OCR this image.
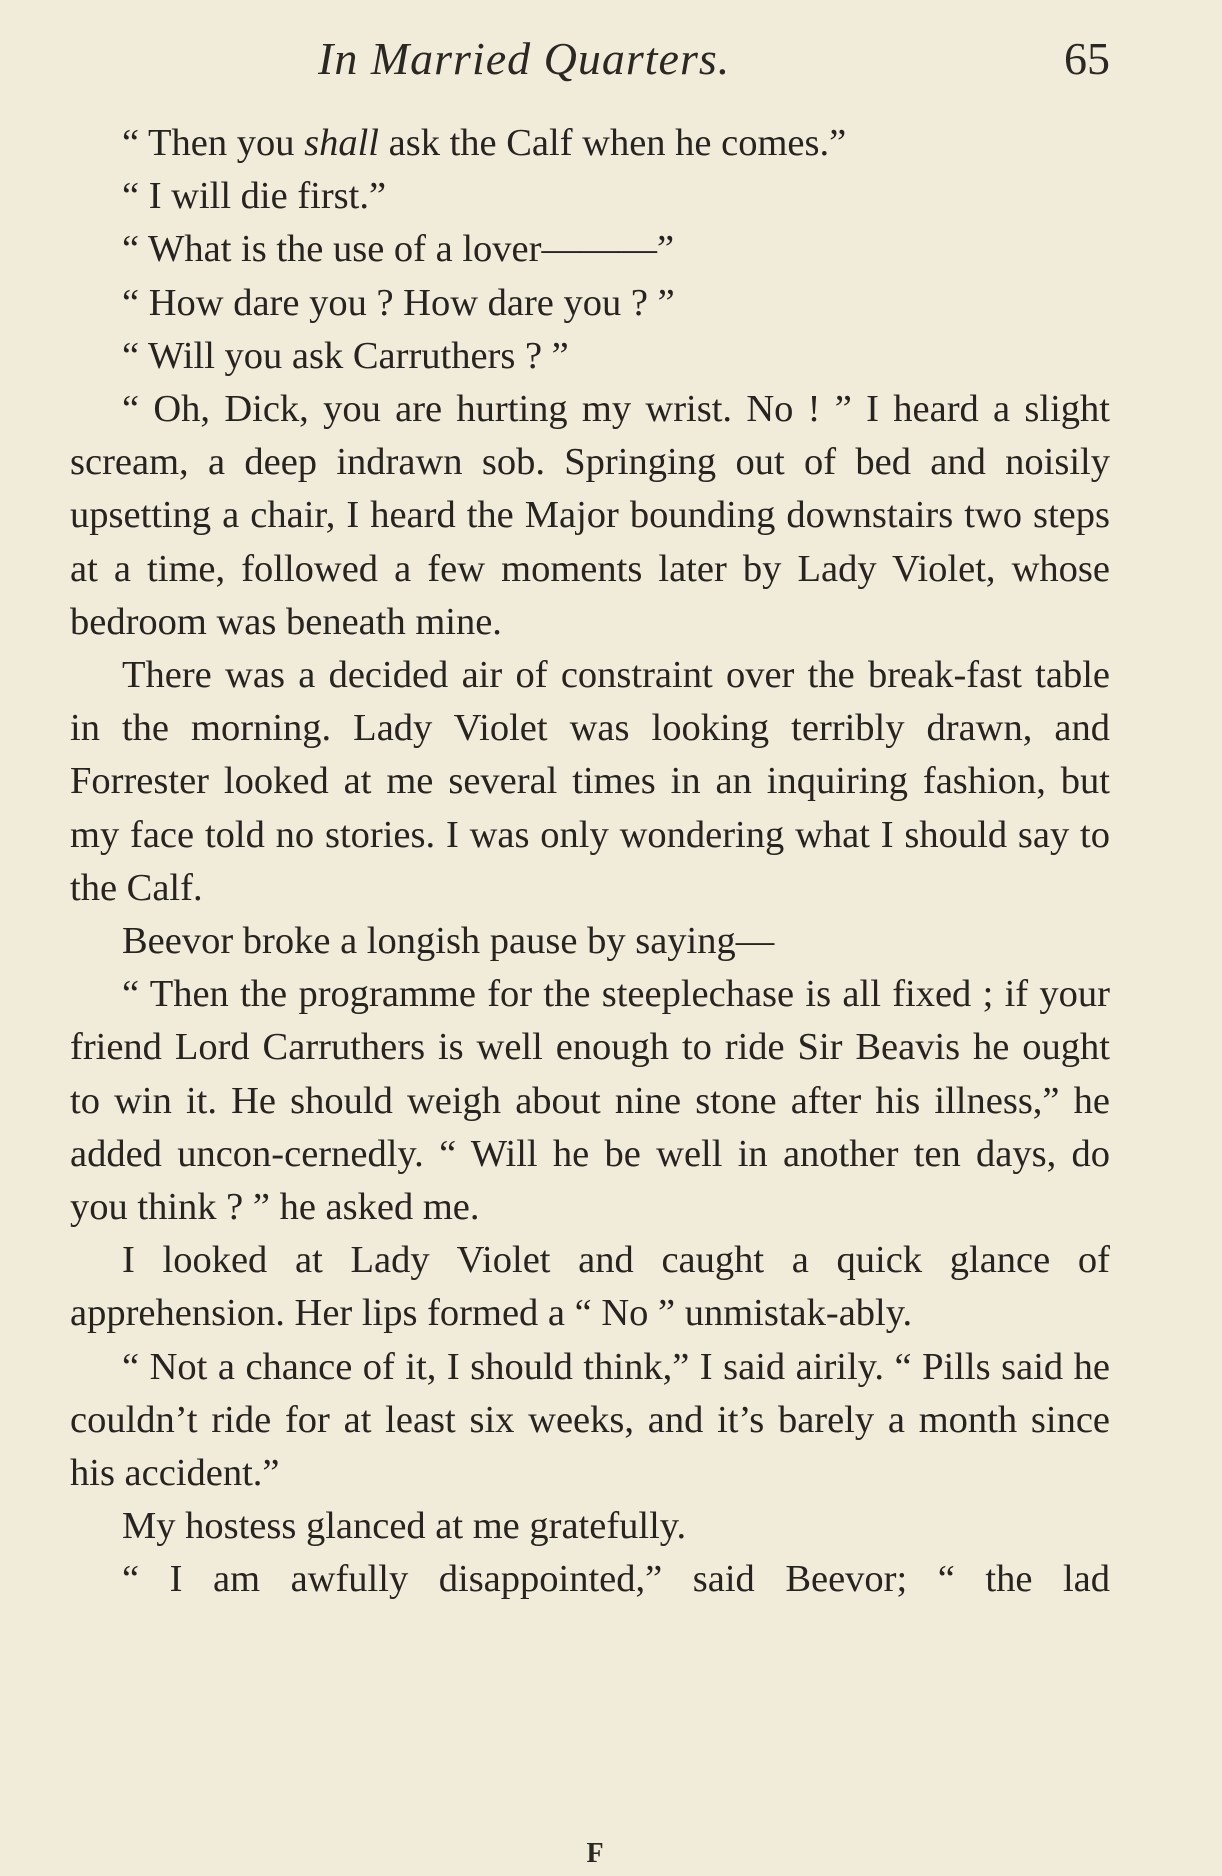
In Married Quarters.	65

“ Then you shall ask the Calf when he comes.”

“ I will die first.”

“ What is the use of a lover———”

“ How dare you ? How dare you ? ”

“ Will you ask Carruthers ? ”

“ Oh, Dick, you are hurting my wrist. No ! ” I heard a slight scream, a deep indrawn sob. Springing out of bed and noisily upsetting a chair, I heard the Major bounding downstairs two steps at a time, followed a few moments later by Lady Violet, whose bedroom was beneath mine.

There was a decided air of constraint over the break-fast table in the morning. Lady Violet was looking terribly drawn, and Forrester looked at me several times in an inquiring fashion, but my face told no stories. I was only wondering what I should say to the Calf.

Beevor broke a longish pause by saying—

“ Then the programme for the steeplechase is all fixed ; if your friend Lord Carruthers is well enough to ride Sir Beavis he ought to win it. He should weigh about nine stone after his illness,” he added uncon-cernedly. “ Will he be well in another ten days, do you think ? ” he asked me.

I looked at Lady Violet and caught a quick glance of apprehension. Her lips formed a “ No ” unmistak-ably.

“ Not a chance of it, I should think,” I said airily. “ Pills said he couldn’t ride for at least six weeks, and it’s barely a month since his accident.”

My hostess glanced at me gratefully.

“ I am awfully disappointed,” said Beevor; “ the lad

F
